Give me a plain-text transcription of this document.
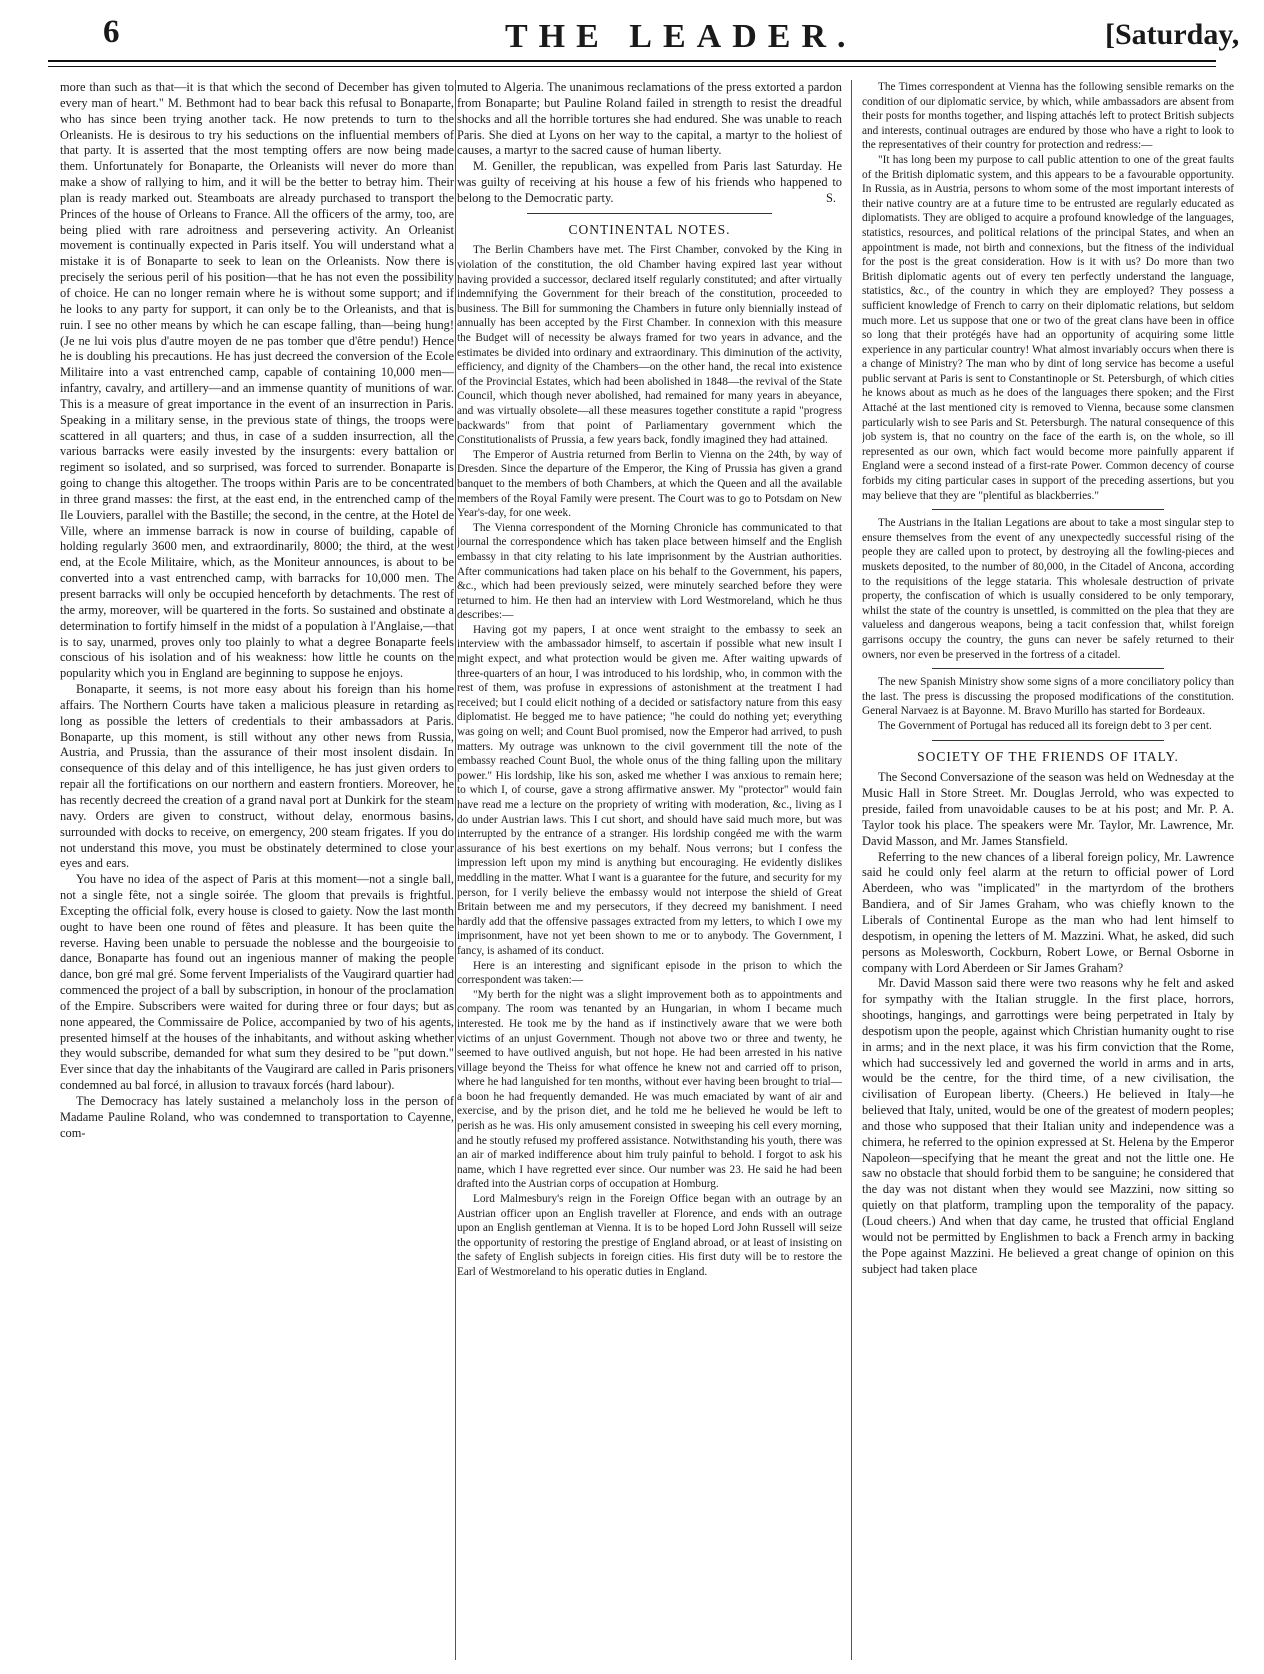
6	THE LEADER.	[Saturday,

more than such as that—it is that which the second of December has given to every man of heart." M. Bethmont had to bear back this refusal to Bonaparte, who has since been trying another tack. He now pretends to turn to the Orleanists. He is desirous to try his seductions on the influential members of that party. It is asserted that the most tempting offers are now being made them. Unfortunately for Bonaparte, the Orleanists will never do more than make a show of rallying to him, and it will be the better to betray him. Their plan is ready marked out. Steamboats are already purchased to transport the Princes of the house of Orleans to France. All the officers of the army, too, are being plied with rare adroitness and persevering activity. An Orleanist movement is continually expected in Paris itself. You will understand what a mistake it is of Bonaparte to seek to lean on the Orleanists. Now there is precisely the serious peril of his position—that he has not even the possibility of choice. He can no longer remain where he is without some support; and if he looks to any party for support, it can only be to the Orleanists, and that is ruin. I see no other means by which he can escape falling, than—being hung! (Je ne lui vois plus d'autre moyen de ne pas tomber que d'être pendu!) Hence he is doubling his precautions. He has just decreed the conversion of the Ecole Militaire into a vast entrenched camp, capable of containing 10,000 men—infantry, cavalry, and artillery—and an immense quantity of munitions of war. This is a measure of great importance in the event of an insurrection in Paris. Speaking in a military sense, in the previous state of things, the troops were scattered in all quarters; and thus, in case of a sudden insurrection, all the various barracks were easily invested by the insurgents: every battalion or regiment so isolated, and so surprised, was forced to surrender. Bonaparte is going to change this altogether. The troops within Paris are to be concentrated in three grand masses: the first, at the east end, in the entrenched camp of the Ile Louviers, parallel with the Bastille; the second, in the centre, at the Hotel de Ville, where an immense barrack is now in course of building, capable of holding regularly 3600 men, and extraordinarily, 8000; the third, at the west end, at the Ecole Militaire, which, as the Moniteur announces, is about to be converted into a vast entrenched camp, with barracks for 10,000 men. The present barracks will only be occupied henceforth by detachments. The rest of the army, moreover, will be quartered in the forts. So sustained and obstinate a determination to fortify himself in the midst of a population à l'Anglaise,—that is to say, unarmed, proves only too plainly to what a degree Bonaparte feels conscious of his isolation and of his weakness: how little he counts on the popularity which you in England are beginning to suppose he enjoys.

Bonaparte, it seems, is not more easy about his foreign than his home affairs. The Northern Courts have taken a malicious pleasure in retarding as long as possible the letters of credentials to their ambassadors at Paris. Bonaparte, up this moment, is still without any other news from Russia, Austria, and Prussia, than the assurance of their most insolent disdain. In consequence of this delay and of this intelligence, he has just given orders to repair all the fortifications on our northern and eastern frontiers. Moreover, he has recently decreed the creation of a grand naval port at Dunkirk for the steam navy. Orders are given to construct, without delay, enormous basins, surrounded with docks to receive, on emergency, 200 steam frigates. If you do not understand this move, you must be obstinately determined to close your eyes and ears.

You have no idea of the aspect of Paris at this moment—not a single ball, not a single fête, not a single soirée. The gloom that prevails is frightful. Excepting the official folk, every house is closed to gaiety. Now the last month ought to have been one round of fêtes and pleasure. It has been quite the reverse. Having been unable to persuade the noblesse and the bourgeoisie to dance, Bonaparte has found out an ingenious manner of making the people dance, bon gré mal gré. Some fervent Imperialists of the Vaugirard quartier had commenced the project of a ball by subscription, in honour of the proclamation of the Empire. Subscribers were waited for during three or four days; but as none appeared, the Commissaire de Police, accompanied by two of his agents, presented himself at the houses of the inhabitants, and without asking whether they would subscribe, demanded for what sum they desired to be "put down." Ever since that day the inhabitants of the Vaugirard are called in Paris prisoners condemned au bal forcé, in allusion to travaux forcés (hard labour).

The Democracy has lately sustained a melancholy loss in the person of Madame Pauline Roland, who was condemned to transportation to Cayenne, com-

muted to Algeria. The unanimous reclamations of the press extorted a pardon from Bonaparte; but Pauline Roland failed in strength to resist the dreadful shocks and all the horrible tortures she had endured. She was unable to reach Paris. She died at Lyons on her way to the capital, a martyr to the holiest of causes, a martyr to the sacred cause of human liberty.

M. Geniller, the republican, was expelled from Paris last Saturday. He was guilty of receiving at his house a few of his friends who happened to belong to the Democratic party.	S.
CONTINENTAL NOTES.

The Berlin Chambers have met. The First Chamber, convoked by the King in violation of the constitution, the old Chamber having expired last year without having provided a successor, declared itself regularly constituted; and after virtually indemnifying the Government for their breach of the constitution, proceeded to business. The Bill for summoning the Chambers in future only biennially instead of annually has been accepted by the First Chamber. In connexion with this measure the Budget will of necessity be always framed for two years in advance, and the estimates be divided into ordinary and extraordinary. This diminution of the activity, efficiency, and dignity of the Chambers—on the other hand, the recal into existence of the Provincial Estates, which had been abolished in 1848—the revival of the State Council, which though never abolished, had remained for many years in abeyance, and was virtually obsolete—all these measures together constitute a rapid "progress backwards" from that point of Parliamentary government which the Constitutionalists of Prussia, a few years back, fondly imagined they had attained.

The Emperor of Austria returned from Berlin to Vienna on the 24th, by way of Dresden. Since the departure of the Emperor, the King of Prussia has given a grand banquet to the members of both Chambers, at which the Queen and all the available members of the Royal Family were present. The Court was to go to Potsdam on New Year's-day, for one week.

The Vienna correspondent of the Morning Chronicle has communicated to that journal the correspondence which has taken place between himself and the English embassy in that city relating to his late imprisonment by the Austrian authorities. After communications had taken place on his behalf to the Government, his papers, &c., which had been previously seized, were minutely searched before they were returned to him. He then had an interview with Lord Westmoreland, which he thus describes:—

Having got my papers, I at once went straight to the embassy to seek an interview with the ambassador himself, to ascertain if possible what new insult I might expect, and what protection would be given me. After waiting upwards of three-quarters of an hour, I was introduced to his lordship, who, in common with the rest of them, was profuse in expressions of astonishment at the treatment I had received; but I could elicit nothing of a decided or satisfactory nature from this easy diplomatist. He begged me to have patience; "he could do nothing yet; everything was going on well; and Count Buol promised, now the Emperor had arrived, to push matters. My outrage was unknown to the civil government till the note of the embassy reached Count Buol, the whole onus of the thing falling upon the military power." His lordship, like his son, asked me whether I was anxious to remain here; to which I, of course, gave a strong affirmative answer. My "protector" would fain have read me a lecture on the propriety of writing with moderation, &c., living as I do under Austrian laws. This I cut short, and should have said much more, but was interrupted by the entrance of a stranger. His lordship congéed me with the warm assurance of his best exertions on my behalf. Nous verrons; but I confess the impression left upon my mind is anything but encouraging. He evidently dislikes meddling in the matter. What I want is a guarantee for the future, and security for my person, for I verily believe the embassy would not interpose the shield of Great Britain between me and my persecutors, if they decreed my banishment. I need hardly add that the offensive passages extracted from my letters, to which I owe my imprisonment, have not yet been shown to me or to anybody. The Government, I fancy, is ashamed of its conduct.

Here is an interesting and significant episode in the prison to which the correspondent was taken:—

"My berth for the night was a slight improvement both as to appointments and company. The room was tenanted by an Hungarian, in whom I became much interested. He took me by the hand as if instinctively aware that we were both victims of an unjust Government. Though not above two or three and twenty, he seemed to have outlived anguish, but not hope. He had been arrested in his native village beyond the Theiss for what offence he knew not and carried off to prison, where he had languished for ten months, without ever having been brought to trial—a boon he had frequently demanded. He was much emaciated by want of air and exercise, and by the prison diet, and he told me he believed he would be left to perish as he was. His only amusement consisted in sweeping his cell every morning, and he stoutly refused my proffered assistance. Notwithstanding his youth, there was an air of marked indifference about him truly painful to behold. I forgot to ask his name, which I have regretted ever since. Our number was 23. He said he had been drafted into the Austrian corps of occupation at Homburg.

Lord Malmesbury's reign in the Foreign Office began with an outrage by an Austrian officer upon an English traveller at Florence, and ends with an outrage upon an English gentleman at Vienna. It is to be hoped Lord John Russell will seize the opportunity of restoring the prestige of England abroad, or at least of insisting on the safety of English subjects in foreign cities. His first duty will be to restore the Earl of Westmoreland to his operatic duties in England.

The Times correspondent at Vienna has the following sensible remarks on the condition of our diplomatic service, by which, while ambassadors are absent from their posts for months together, and lisping attachés left to protect British subjects and interests, continual outrages are endured by those who have a right to look to the representatives of their country for protection and redress:—

"It has long been my purpose to call public attention to one of the great faults of the British diplomatic system, and this appears to be a favourable opportunity. In Russia, as in Austria, persons to whom some of the most important interests of their native country are at a future time to be entrusted are regularly educated as diplomatists. They are obliged to acquire a profound knowledge of the languages, statistics, resources, and political relations of the principal States, and when an appointment is made, not birth and connexions, but the fitness of the individual for the post is the great consideration. How is it with us? Do more than two British diplomatic agents out of every ten perfectly understand the language, statistics, &c., of the country in which they are employed? They possess a sufficient knowledge of French to carry on their diplomatic relations, but seldom much more. Let us suppose that one or two of the great clans have been in office so long that their protégés have had an opportunity of acquiring some little experience in any particular country! What almost invariably occurs when there is a change of Ministry? The man who by dint of long service has become a useful public servant at Paris is sent to Constantinople or St. Petersburgh, of which cities he knows about as much as he does of the languages there spoken; and the First Attaché at the last mentioned city is removed to Vienna, because some clansmen particularly wish to see Paris and St. Petersburgh. The natural consequence of this job system is, that no country on the face of the earth is, on the whole, so ill represented as our own, which fact would become more painfully apparent if England were a second instead of a first-rate Power. Common decency of course forbids my citing particular cases in support of the preceding assertions, but you may believe that they are "plentiful as blackberries."

The Austrians in the Italian Legations are about to take a most singular step to ensure themselves from the event of any unexpectedly successful rising of the people they are called upon to protect, by destroying all the fowling-pieces and muskets deposited, to the number of 80,000, in the Citadel of Ancona, according to the requisitions of the legge stataria. This wholesale destruction of private property, the confiscation of which is usually considered to be only temporary, whilst the state of the country is unsettled, is committed on the plea that they are valueless and dangerous weapons, being a tacit confession that, whilst foreign garrisons occupy the country, the guns can never be safely returned to their owners, nor even be preserved in the fortress of a citadel.

The new Spanish Ministry show some signs of a more conciliatory policy than the last. The press is discussing the proposed modifications of the constitution. General Narvaez is at Bayonne. M. Bravo Murillo has started for Bordeaux.

The Government of Portugal has reduced all its foreign debt to 3 per cent.

SOCIETY OF THE FRIENDS OF ITALY.

The Second Conversazione of the season was held on Wednesday at the Music Hall in Store Street. Mr. Douglas Jerrold, who was expected to preside, failed from unavoidable causes to be at his post; and Mr. P. A. Taylor took his place. The speakers were Mr. Taylor, Mr. Lawrence, Mr. David Masson, and Mr. James Stansfield.

Referring to the new chances of a liberal foreign policy, Mr. Lawrence said he could only feel alarm at the return to official power of Lord Aberdeen, who was "implicated" in the martyrdom of the brothers Bandiera, and of Sir James Graham, who was chiefly known to the Liberals of Continental Europe as the man who had lent himself to despotism, in opening the letters of M. Mazzini. What, he asked, did such persons as Molesworth, Cockburn, Robert Lowe, or Bernal Osborne in company with Lord Aberdeen or Sir James Graham?

Mr. David Masson said there were two reasons why he felt and asked for sympathy with the Italian struggle. In the first place, horrors, shootings, hangings, and garrottings were being perpetrated in Italy by despotism upon the people, against which Christian humanity ought to rise in arms; and in the next place, it was his firm conviction that the Rome, which had successively led and governed the world in arms and in arts, would be the centre, for the third time, of a new civilisation, the civilisation of European liberty. (Cheers.) He believed in Italy—he believed that Italy, united, would be one of the greatest of modern peoples; and those who supposed that their Italian unity and independence was a chimera, he referred to the opinion expressed at St. Helena by the Emperor Napoleon—specifying that he meant the great and not the little one. He saw no obstacle that should forbid them to be sanguine; he considered that the day was not distant when they would see Mazzini, now sitting so quietly on that platform, trampling upon the temporality of the papacy. (Loud cheers.) And when that day came, he trusted that official England would not be permitted by Englishmen to back a French army in backing the Pope against Mazzini. He believed a great change of opinion on this subject had taken place
